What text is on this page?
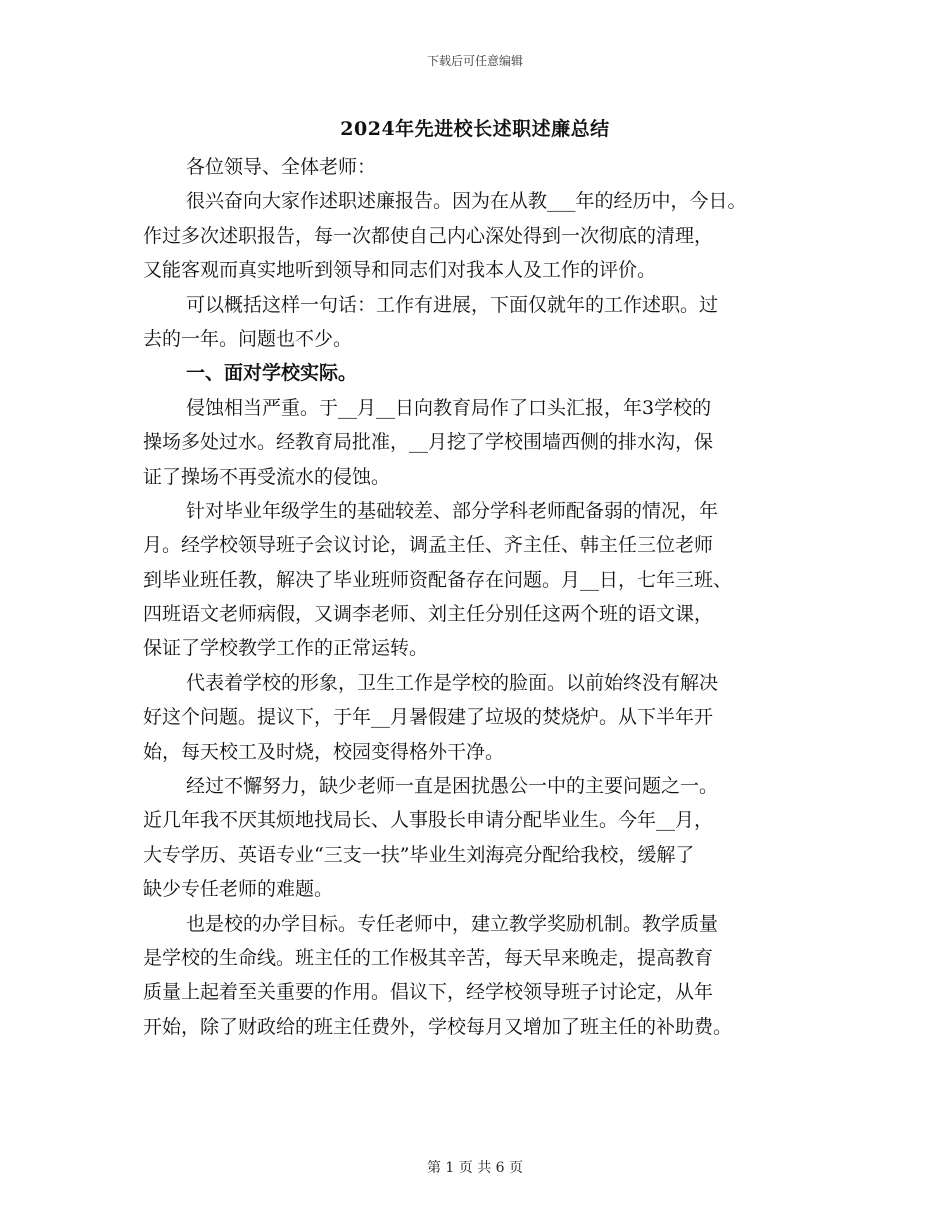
下载后可任意编辑
2024年先进校长述职述廉总结
各位领导、全体老师：
很兴奋向大家作述职述廉报告。因为在从教___年的经历中，今日。
作过多次述职报告，每一次都使自己内心深处得到一次彻底的清理，
又能客观而真实地听到领导和同志们对我本人及工作的评价。
可以概括这样一句话：工作有进展，下面仅就年的工作述职。过
去的一年。问题也不少。
一、面对学校实际。
侵蚀相当严重。于__月__日向教育局作了口头汇报，年3学校的
操场多处过水。经教育局批准，__月挖了学校围墙西侧的排水沟，保
证了操场不再受流水的侵蚀。
针对毕业年级学生的基础较差、部分学科老师配备弱的情况，年
月。经学校领导班子会议讨论，调孟主任、齐主任、韩主任三位老师
到毕业班任教，解决了毕业班师资配备存在问题。月__日，七年三班、
四班语文老师病假，又调李老师、刘主任分别任这两个班的语文课，
保证了学校教学工作的正常运转。
代表着学校的形象，卫生工作是学校的脸面。以前始终没有解决
好这个问题。提议下，于年__月暑假建了垃圾的焚烧炉。从下半年开
始，每天校工及时烧，校园变得格外干净。
经过不懈努力，缺少老师一直是困扰愚公一中的主要问题之一。
近几年我不厌其烦地找局长、人事股长申请分配毕业生。今年__月，
大专学历、英语专业“三支一扶”毕业生刘海亮分配给我校，缓解了
缺少专任老师的难题。
也是校的办学目标。专任老师中，建立教学奖励机制。教学质量
是学校的生命线。班主任的工作极其辛苦，每天早来晚走，提高教育
质量上起着至关重要的作用。倡议下，经学校领导班子讨论定，从年
开始，除了财政给的班主任费外，学校每月又增加了班主任的补助费。
第 1 页 共 6 页
